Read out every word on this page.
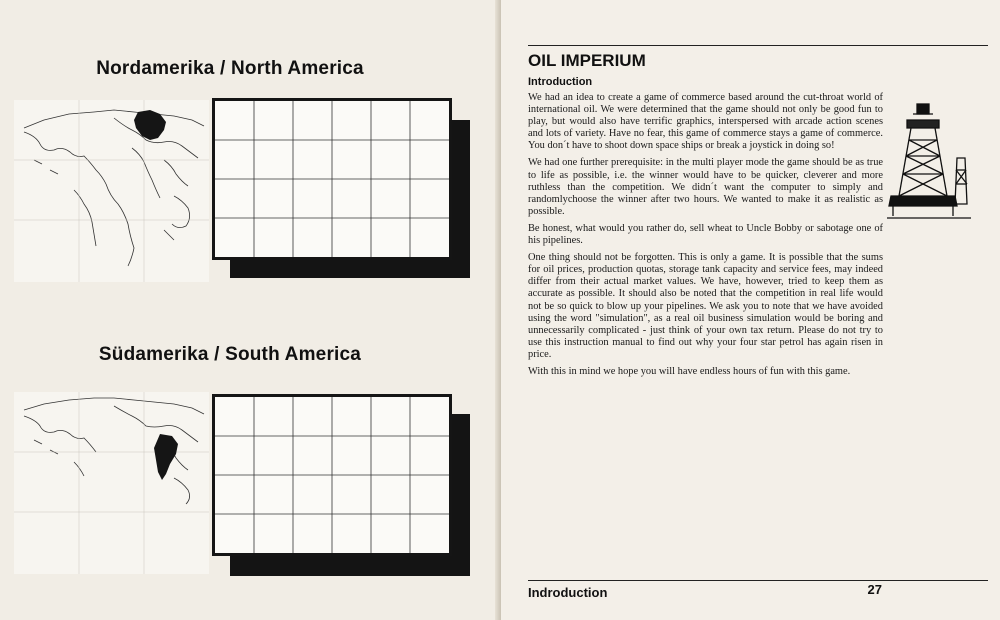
Nordamerika / North America
Südamerika / South America
OIL IMPERIUM
Introduction

We had an idea to create a game of commerce based around the cut-throat world of international oil. We were determined that the game should not only be good fun to play, but would also have terrific graphics, interspersed with arcade action scenes and lots of variety. Have no fear, this game of commerce stays a game of commerce. You don´t have to shoot down space ships or break a joystick in doing so!

We had one further prerequisite: in the multi player mode the game should be as true to life as possible, i.e. the winner would have to be quicker, cleverer and more ruthless than the competition. We didn´t want the computer to simply and randomlychoose the winner after two hours. We wanted to make it as realistic as possible.

Be honest, what would you rather do, sell wheat to Uncle Bobby or sabotage one of his pipelines.

One thing should not be forgotten. This is only a game. It is possible that the sums for oil prices, production quotas, storage tank capacity and service fees, may indeed differ from their actual market values. We have, however, tried to keep them as accurate as possible. It should also be noted that the competition in real life would not be so quick to blow up your pipelines. We ask you to note that we have avoided using the word "simulation", as a real oil business simulation would be boring and unnecessarily complicated - just think of your own tax return. Please do not try to use this instruction manual to find out why your four star petrol has again risen in price.

With this in mind we hope you will have endless hours of fun with this game.

Indroduction	27
